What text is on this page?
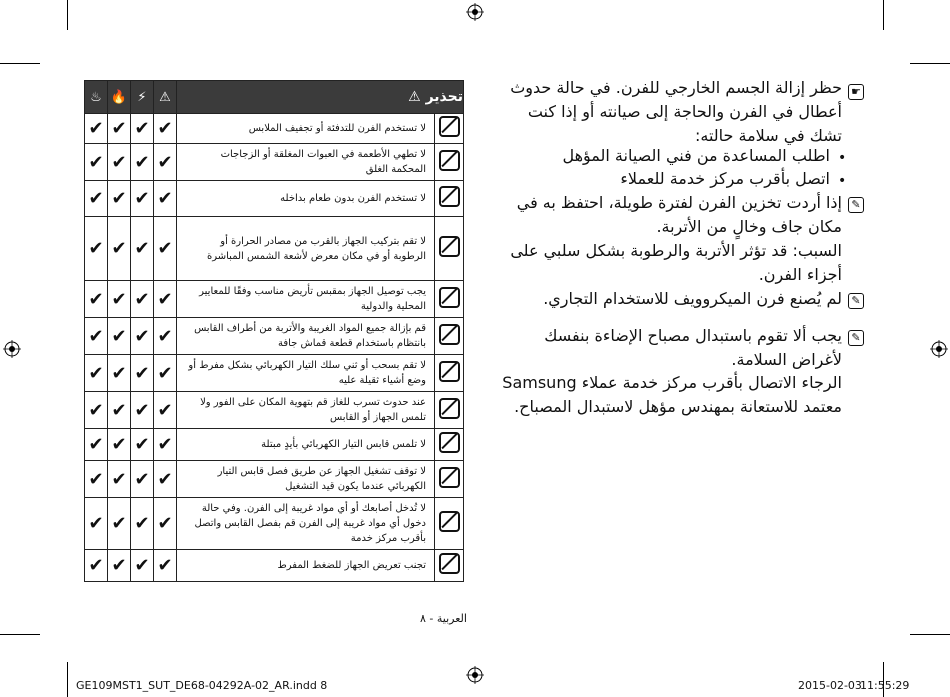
♨	🔥	⚡	⚠	تحذير ⚠	
✔	✔	✔	✔	لا تستخدم الفرن للتدفئة أو تجفيف الملابس	
✔	✔	✔	✔	لا تطهي الأطعمة في العبوات المغلقة أو الزجاجات المحكمة الغلق	
✔	✔	✔	✔	لا تستخدم الفرن بدون طعام بداخله	
✔	✔	✔	✔	لا تقم بتركيب الجهاز بالقرب من مصادر الحرارة أو الرطوبة أو في مكان معرض لأشعة الشمس المباشرة	
✔	✔	✔	✔	يجب توصيل الجهاز بمقبس تأريض مناسب وفقًا للمعايير المحلية والدولية	
✔	✔	✔	✔	قم بإزالة جميع المواد الغريبة والأتربة من أطراف القابس بانتظام باستخدام قطعة قماش جافة	
✔	✔	✔	✔	لا تقم بسحب أو ثني سلك التيار الكهربائي بشكل مفرط أو وضع أشياء ثقيلة عليه	
✔	✔	✔	✔	عند حدوث تسرب للغاز قم بتهوية المكان على الفور ولا تلمس الجهاز أو القابس	
✔	✔	✔	✔	لا تلمس قابس التيار الكهربائي بأيدٍ مبتلة	
✔	✔	✔	✔	لا توقف تشغيل الجهاز عن طريق فصل قابس التيار الكهربائي عندما يكون قيد التشغيل	
✔	✔	✔	✔	لا تُدخل أصابعك أو أي مواد غريبة إلى الفرن. وفي حالة دخول أي مواد غريبة إلى الفرن قم بفصل القابس واتصل بأقرب مركز خدمة	
✔	✔	✔	✔	تجنب تعريض الجهاز للضغط المفرط	
☛
حظر إزالة الجسم الخارجي للفرن. في حالة حدوث أعطال في الفرن والحاجة إلى صيانته أو إذا كنت تشك في سلامة حالته:
•
اطلب المساعدة من فني الصيانة المؤهل
•
اتصل بأقرب مركز خدمة للعملاء
✎
إذا أردت تخزين الفرن لفترة طويلة، احتفظ به في مكان جاف وخالٍ من الأتربة.
السبب: قد تؤثر الأتربة والرطوبة بشكل سلبي على أجزاء الفرن.
✎
لم يُصنع فرن الميكروويف للاستخدام التجاري.
✎
يجب ألا تقوم باستبدال مصباح الإضاءة بنفسك لأغراض السلامة.
الرجاء الاتصال بأقرب مركز خدمة عملاء Samsung معتمد للاستعانة بمهندس مؤهل لاستبدال المصباح.
العربية - ٨
GE109MST1_SUT_DE68-04292A-02_AR.indd 8	2015-02-03
11:55:29
